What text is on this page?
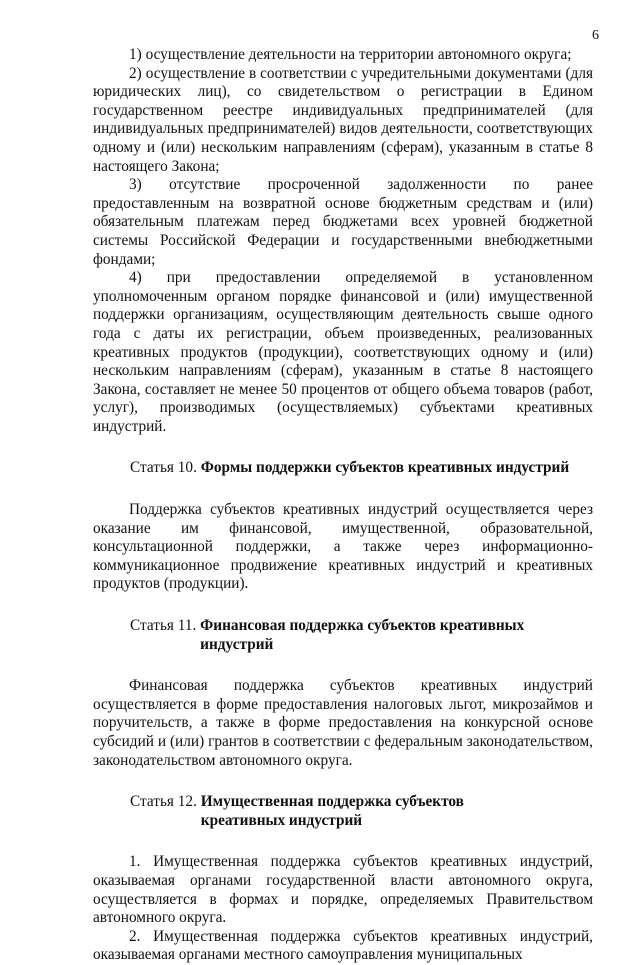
6

1) осуществление деятельности на территории автономного округа;

2) осуществление в соответствии с учредительными документами (для юридических лиц), со свидетельством о регистрации в Едином государственном реестре индивидуальных предпринимателей (для индивидуальных предпринимателей) видов деятельности, соответствующих одному и (или) нескольким направлениям (сферам), указанным в статье 8 настоящего Закона;

3) отсутствие просроченной задолженности по ранее предоставленным на возвратной основе бюджетным средствам и (или) обязательным платежам перед бюджетами всех уровней бюджетной системы Российской Федерации и государственными внебюджетными фондами;

4) при предоставлении определяемой в установленном уполномоченным органом порядке финансовой и (или) имущественной поддержки организациям, осуществляющим деятельность свыше одного года с даты их регистрации, объем произведенных, реализованных креативных продуктов (продукции), соответствующих одному и (или) нескольким направлениям (сферам), указанным в статье 8 настоящего Закона, составляет не менее 50 процентов от общего объема товаров (работ, услуг), производимых (осуществляемых) субъектами креативных индустрий.

Статья 10. Формы поддержки субъектов креативных индустрий

Поддержка субъектов креативных индустрий осуществляется через оказание им финансовой, имущественной, образовательной, консультационной поддержки, а также через информационно-коммуникационное продвижение креативных индустрий и креативных продуктов (продукции).

Статья 11.
Финансовая поддержка субъектов креативных индустрий

Финансовая поддержка субъектов креативных индустрий осуществляется в форме предоставления налоговых льгот, микрозаймов и поручительств, а также в форме предоставления на конкурсной основе субсидий и (или) грантов в соответствии с федеральным законодательством, законодательством автономного округа.

Статья 12.
Имущественная поддержка субъектов креативных индустрий

1. Имущественная поддержка субъектов креативных индустрий, оказываемая органами государственной власти автономного округа, осуществляется в формах и порядке, определяемых Правительством автономного округа.

2. Имущественная поддержка субъектов креативных индустрий, оказываемая органами местного самоуправления муниципальных
